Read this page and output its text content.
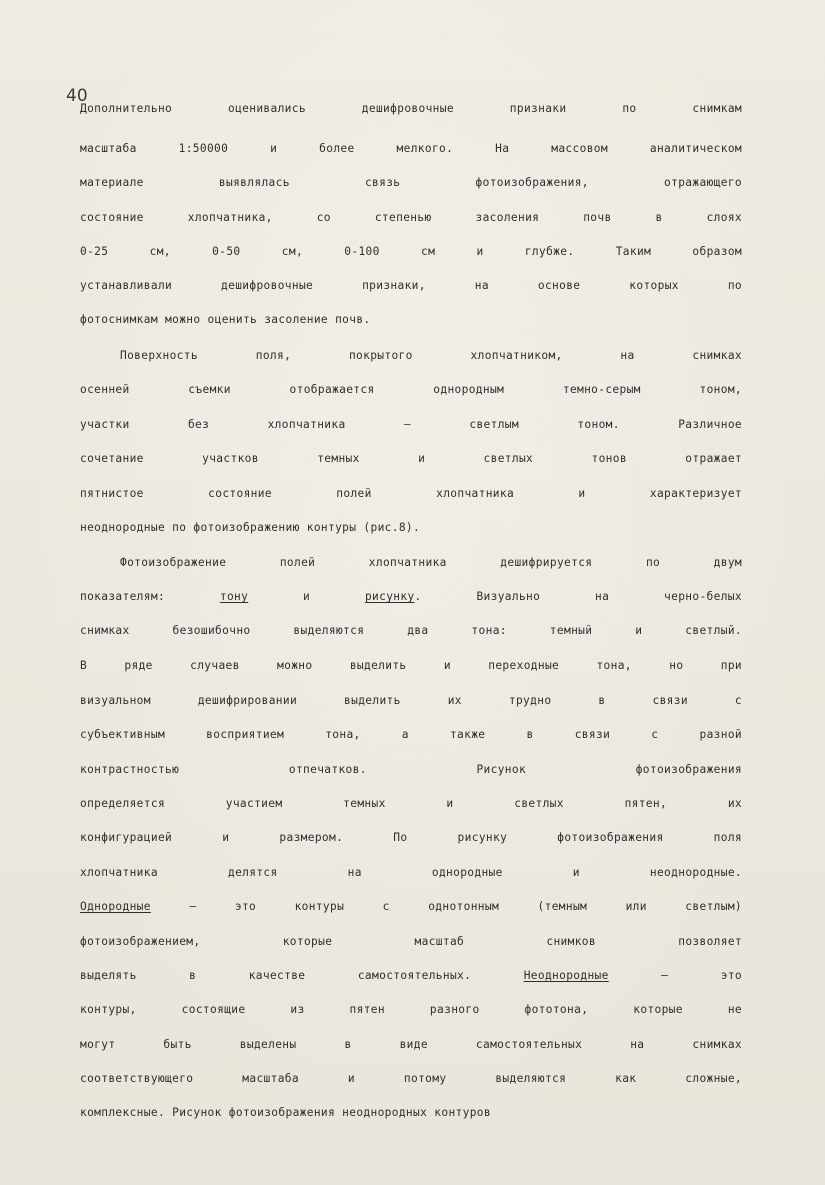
40
Дополнительно оценивались дешифровочные признаки по снимкам
масштаба 1:50000 и более мелкого. На массовом аналитическом
материале выявлялась связь фотоизображения, отражающего
состояние хлопчатника, со степенью засоления почв в слоях
0-25 см, 0-50 см, 0-100 см и глубже. Таким образом
устанавливали дешифровочные признаки, на основе которых по
фотоснимкам можно оценить засоление почв.
Поверхность поля, покрытого хлопчатником, на снимках
осенней съемки отображается однородным темно-серым тоном,
участки без хлопчатника – светлым тоном. Различное
сочетание участков темных и светлых тонов отражает
пятнистое состояние полей хлопчатника и характеризует
неоднородные по фотоизображению контуры (рис.8).
Фотоизображение полей хлопчатника дешифрируется по двум
показателям: тону и рисунку. Визуально на черно-белых
снимках безошибочно выделяются два тона: темный и светлый.
В ряде случаев можно выделить и переходные тона, но при
визуальном дешифрировании выделить их трудно в связи с
субъективным восприятием тона, а также в связи с разной
контрастностью отпечатков. Рисунок фотоизображения
определяется участием темных и светлых пятен, их
конфигурацией и размером. По рисунку фотоизображения поля
хлопчатника делятся на однородные и неоднородные.
Однородные – это контуры с однотонным (темным или светлым)
фотоизображением, которые масштаб снимков позволяет
выделять в качестве самостоятельных. Неоднородные – это
контуры, состоящие из пятен разного фототона, которые не
могут быть выделены в виде самостоятельных на снимках
соответствующего масштаба и потому выделяются как сложные,
комплексные. Рисунок фотоизображения неоднородных контуров
